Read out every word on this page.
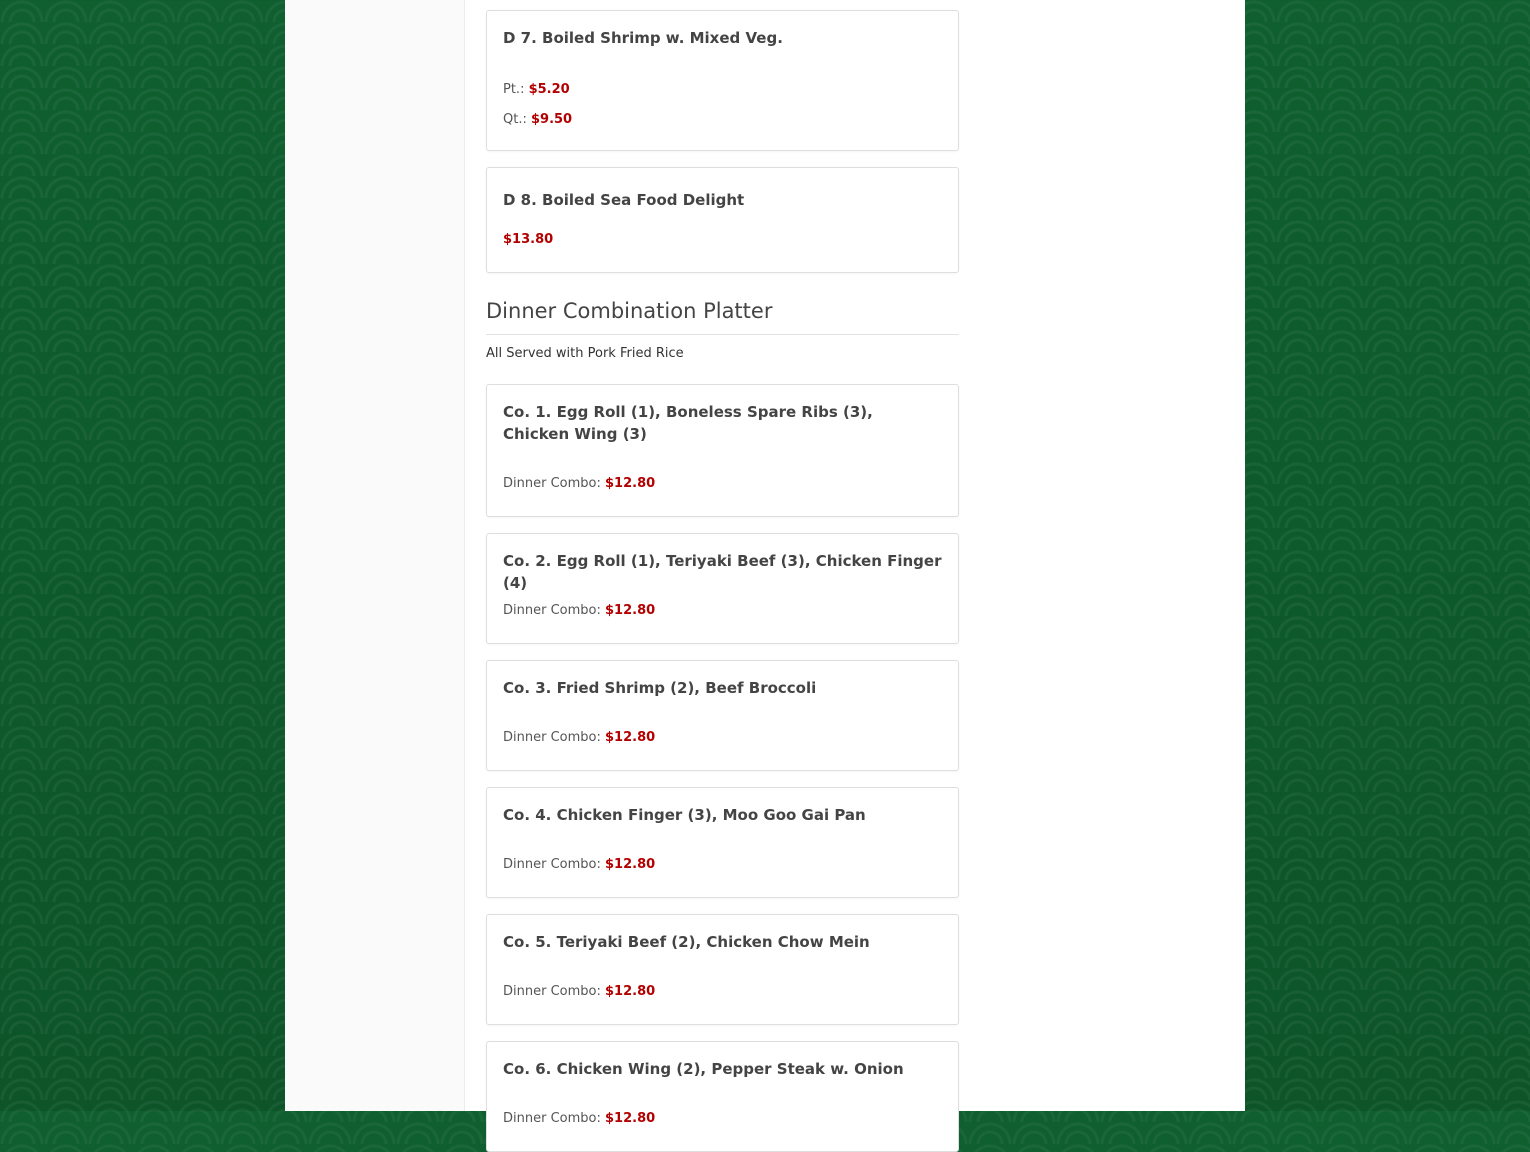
D 7. Boiled Shrimp w. Mixed Veg.
Pt.: $5.20
Qt.: $9.50
D 8. Boiled Sea Food Delight
$13.80
Dinner Combination Platter
All Served with Pork Fried Rice
Co. 1. Egg Roll (1), Boneless Spare Ribs (3), Chicken Wing (3)
Dinner Combo: $12.80
Co. 2. Egg Roll (1), Teriyaki Beef (3), Chicken Finger (4)
Dinner Combo: $12.80
Co. 3. Fried Shrimp (2), Beef Broccoli
Dinner Combo: $12.80
Co. 4. Chicken Finger (3), Moo Goo Gai Pan
Dinner Combo: $12.80
Co. 5. Teriyaki Beef (2), Chicken Chow Mein
Dinner Combo: $12.80
Co. 6. Chicken Wing (2), Pepper Steak w. Onion
Dinner Combo: $12.80
